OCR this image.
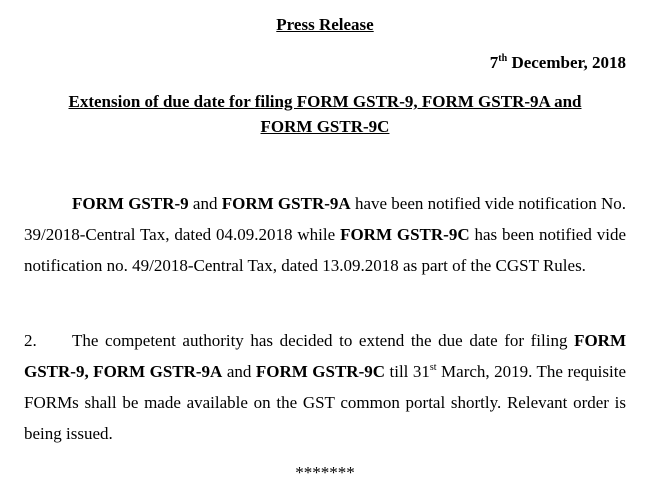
Press Release
7th December, 2018
Extension of due date for filing FORM GSTR-9, FORM GSTR-9A and
FORM GSTR-9C

FORM GSTR-9 and FORM GSTR-9A have been notified vide notification No. 39/2018-Central Tax, dated 04.09.2018 while FORM GSTR-9C has been notified vide notification no. 49/2018-Central Tax, dated 13.09.2018 as part of the CGST Rules.

2. The competent authority has decided to extend the due date for filing FORM GSTR-9, FORM GSTR-9A and FORM GSTR-9C till 31st March, 2019. The requisite FORMs shall be made available on the GST common portal shortly. Relevant order is being issued.

*******
